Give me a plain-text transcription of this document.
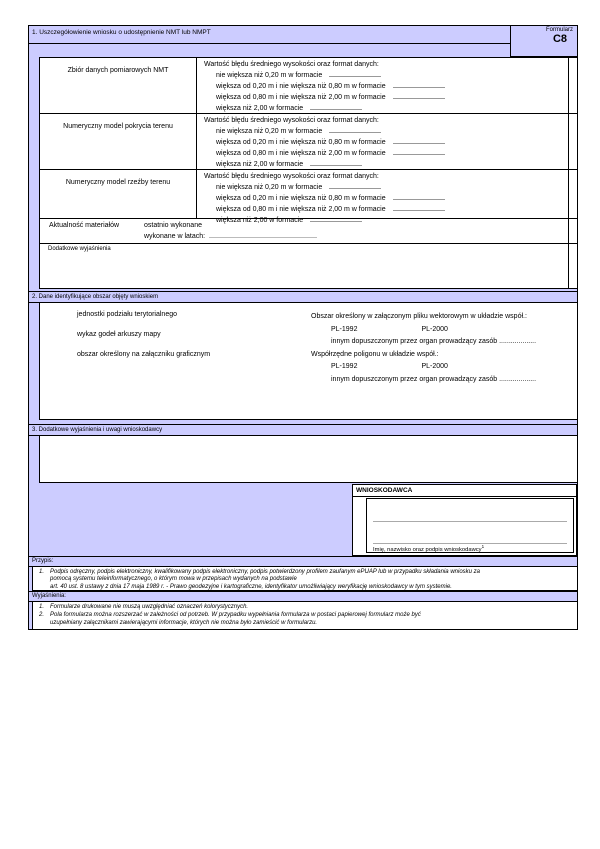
1. Uszczegółowienie wniosku o udostępnienie NMT lub NMPT	Formularz
C8
Zbiór danych pomiarowych NMT
Wartość błędu średniego wysokości oraz format danych:
nie większa niż 0,20 m w formacie
większa od 0,20 m i nie większa niż 0,80 m w formacie
większa od 0,80 m i nie większa niż 2,00 m w formacie
większa niż 2,00 w formacie
Numeryczny model pokrycia terenu
Wartość błędu średniego wysokości oraz format danych:
nie większa niż 0,20 m w formacie
większa od 0,20 m i nie większa niż 0,80 m w formacie
większa od 0,80 m i nie większa niż 2,00 m w formacie
większa niż 2,00 w formacie
Numeryczny model rzeźby terenu
Wartość błędu średniego wysokości oraz format danych:
nie większa niż 0,20 m w formacie
większa od 0,20 m i nie większa niż 0,80 m w formacie
większa od 0,80 m i nie większa niż 2,00 m w formacie
większa niż 2,00 w formacie
Aktualność materiałów	ostatnio wykonane
wykonane w latach:
Dodatkowe wyjaśnienia
2. Dane identyfikujące obszar objęty wnioskiem
jednostki podziału terytorialnego
wykaz godeł arkuszy mapy
obszar określony na załączniku graficznym
Obszar określony w załączonym pliku wektorowym w układzie współ.:
PL-1992	PL-2000
innym dopuszczonym przez organ prowadzący zasób ...................
Współrzędne poligonu w układzie współ.:
PL-1992	PL-2000
innym dopuszczonym przez organ prowadzący zasób ...................
3. Dodatkowe wyjaśnienia i uwagi wnioskodawcy
WNIOSKODAWCA
Imię, nazwisko oraz podpis wnioskodawcy$^1$
Przypis:
1. Podpis odręczny, podpis elektroniczny, kwalifikowany podpis elektroniczny, podpis potwierdzony profilem zaufanym ePUAP lub w przypadku składania wniosku za
pomocą systemu teleinformatycznego, o którym mowa w przepisach wydanych na podstawie
art. 40 ust. 8 ustawy z dnia 17 maja 1989 r. - Prawo geodezyjne i kartograficzne, identyfikator umożliwiający weryfikację wnioskodawcy w tym systemie.
Wyjaśnienia:
1. Formularze drukowane nie muszą uwzględniać oznaczeń kolorystycznych.
2. Pola formularza można rozszerzać w zależności od potrzeb. W przypadku wypełniania formularza w postaci papierowej formularz może być
uzupełniany załącznikami zawierającymi informacje, których nie można było zamieścić w formularzu.
